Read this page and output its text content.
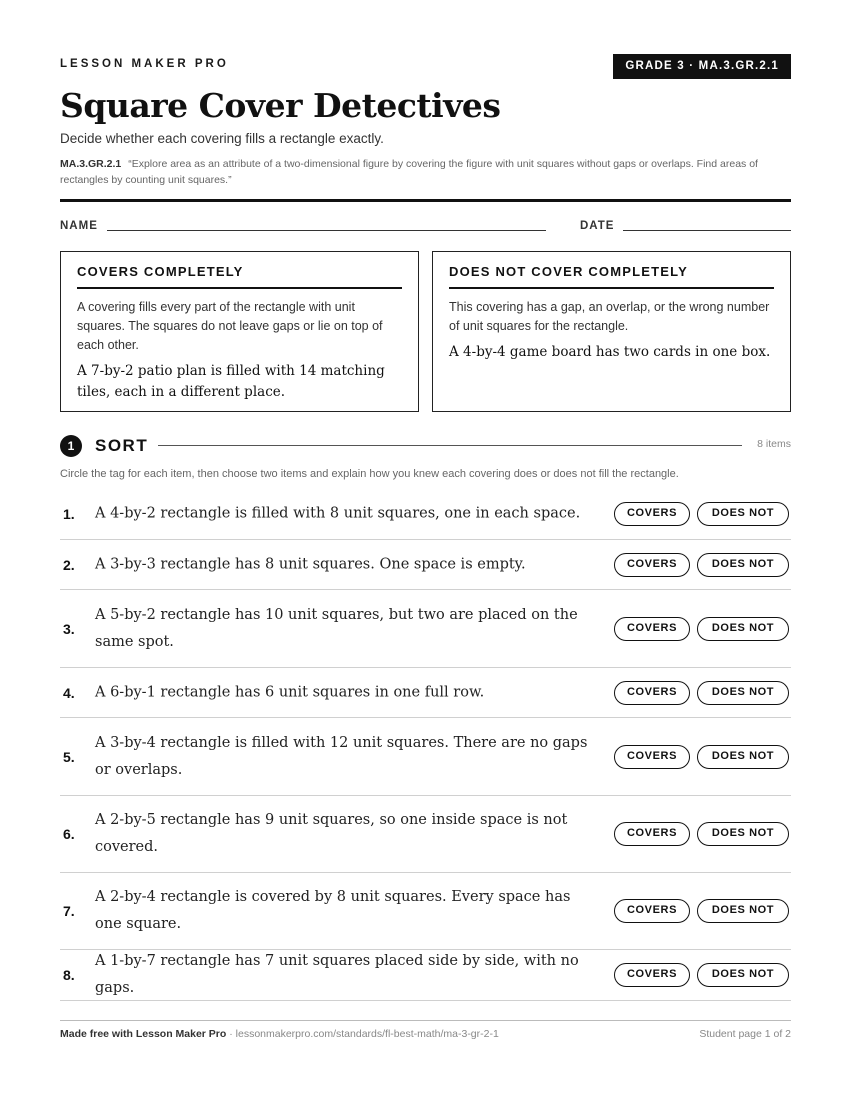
LESSON MAKER PRO	GRADE 3 · MA.3.GR.2.1
Square Cover Detectives
Decide whether each covering fills a rectangle exactly.
MA.3.GR.2.1 “Explore area as an attribute of a two-dimensional figure by covering the figure with unit squares without gaps or overlaps. Find areas of rectangles by counting unit squares.”
NAME	DATE
COVERS COMPLETELY
A covering fills every part of the rectangle with unit squares. The squares do not leave gaps or lie on top of each other.
A 7-by-2 patio plan is filled with 14 matching tiles, each in a different place.
DOES NOT COVER COMPLETELY
This covering has a gap, an overlap, or the wrong number of unit squares for the rectangle.
A 4-by-4 game board has two cards in one box.
1	SORT	8 items
Circle the tag for each item, then choose two items and explain how you knew each covering does or does not fill the rectangle.
1. A 4-by-2 rectangle is filled with 8 unit squares, one in each space.	COVERS	DOES NOT
2. A 3-by-3 rectangle has 8 unit squares. One space is empty.	COVERS	DOES NOT
3.
A 5-by-2 rectangle has 10 unit squares, but two are placed on the same spot.
COVERS	DOES NOT
4. A 6-by-1 rectangle has 6 unit squares in one full row.	COVERS	DOES NOT
5.
A 3-by-4 rectangle is filled with 12 unit squares. There are no gaps or overlaps.
COVERS	DOES NOT
6.
A 2-by-5 rectangle has 9 unit squares, so one inside space is not covered.
COVERS	DOES NOT
7.
A 2-by-4 rectangle is covered by 8 unit squares. Every space has one square.
COVERS	DOES NOT
8.
A 1-by-7 rectangle has 7 unit squares placed side by side, with no gaps.
COVERS	DOES NOT
Made free with Lesson Maker Pro · lessonmakerpro.com/standards/fl-best-math/ma-3-gr-2-1	Student page 1 of 2
